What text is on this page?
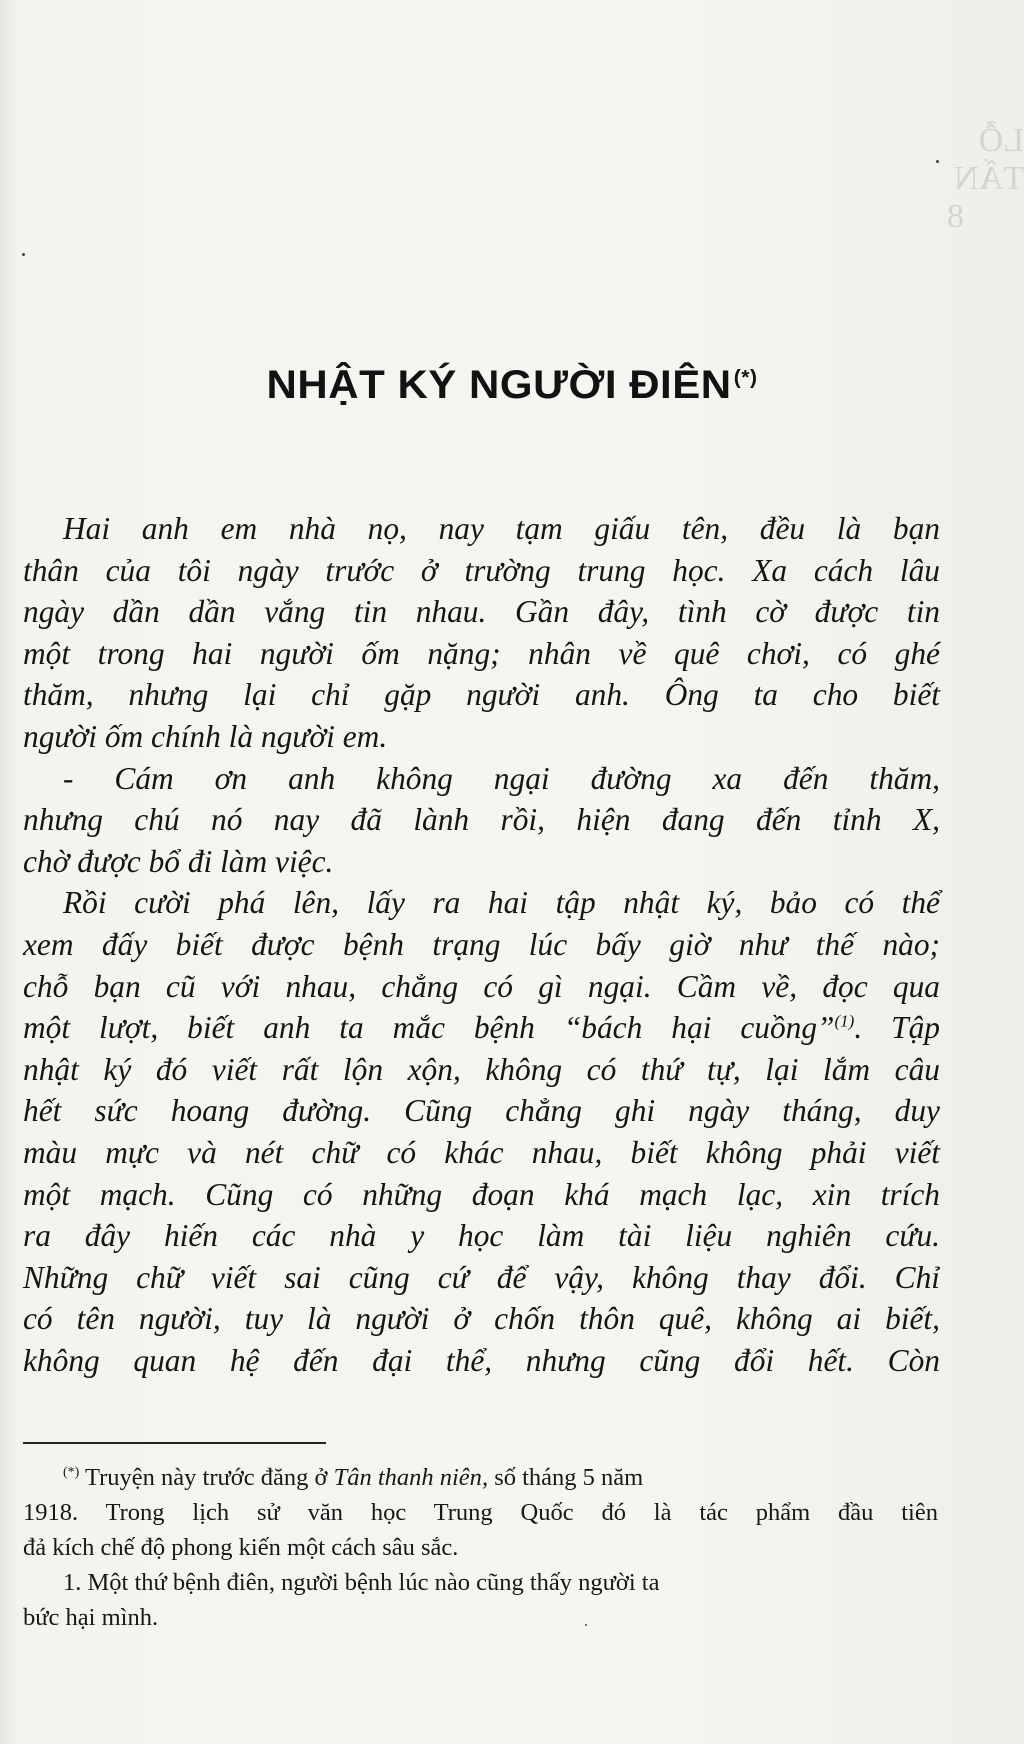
LỖ TẤN 8
NHẬT KÝ NGƯỜI ĐIÊN (*)
Hai anh em nhà nọ, nay tạm giấu tên, đều là bạn
thân của tôi ngày trước ở trường trung học. Xa cách lâu
ngày dần dần vắng tin nhau. Gần đây, tình cờ được tin
một trong hai người ốm nặng; nhân về quê chơi, có ghé
thăm, nhưng lại chỉ gặp người anh. Ông ta cho biết
người ốm chính là người em.
- Cám ơn anh không ngại đường xa đến thăm,
nhưng chú nó nay đã lành rồi, hiện đang đến tỉnh X,
chờ được bổ đi làm việc.
Rồi cười phá lên, lấy ra hai tập nhật ký, bảo có thể
xem đấy biết được bệnh trạng lúc bấy giờ như thế nào;
chỗ bạn cũ với nhau, chẳng có gì ngại. Cầm về, đọc qua
một lượt, biết anh ta mắc bệnh “bách hại cuồng”$^{(1)}$. Tập
nhật ký đó viết rất lộn xộn, không có thứ tự, lại lắm câu
hết sức hoang đường. Cũng chẳng ghi ngày tháng, duy
màu mực và nét chữ có khác nhau, biết không phải viết
một mạch. Cũng có những đoạn khá mạch lạc, xin trích
ra đây hiến các nhà y học làm tài liệu nghiên cứu.
Những chữ viết sai cũng cứ để vậy, không thay đổi. Chỉ
có tên người, tuy là người ở chốn thôn quê, không ai biết,
không quan hệ đến đại thể, nhưng cũng đổi hết. Còn
(*) Truyện này trước đăng ở Tân thanh niên, số tháng 5 năm
1918. Trong lịch sử văn học Trung Quốc đó là tác phẩm đầu tiên
đả kích chế độ phong kiến một cách sâu sắc.
1. Một thứ bệnh điên, người bệnh lúc nào cũng thấy người ta
bức hại mình.
